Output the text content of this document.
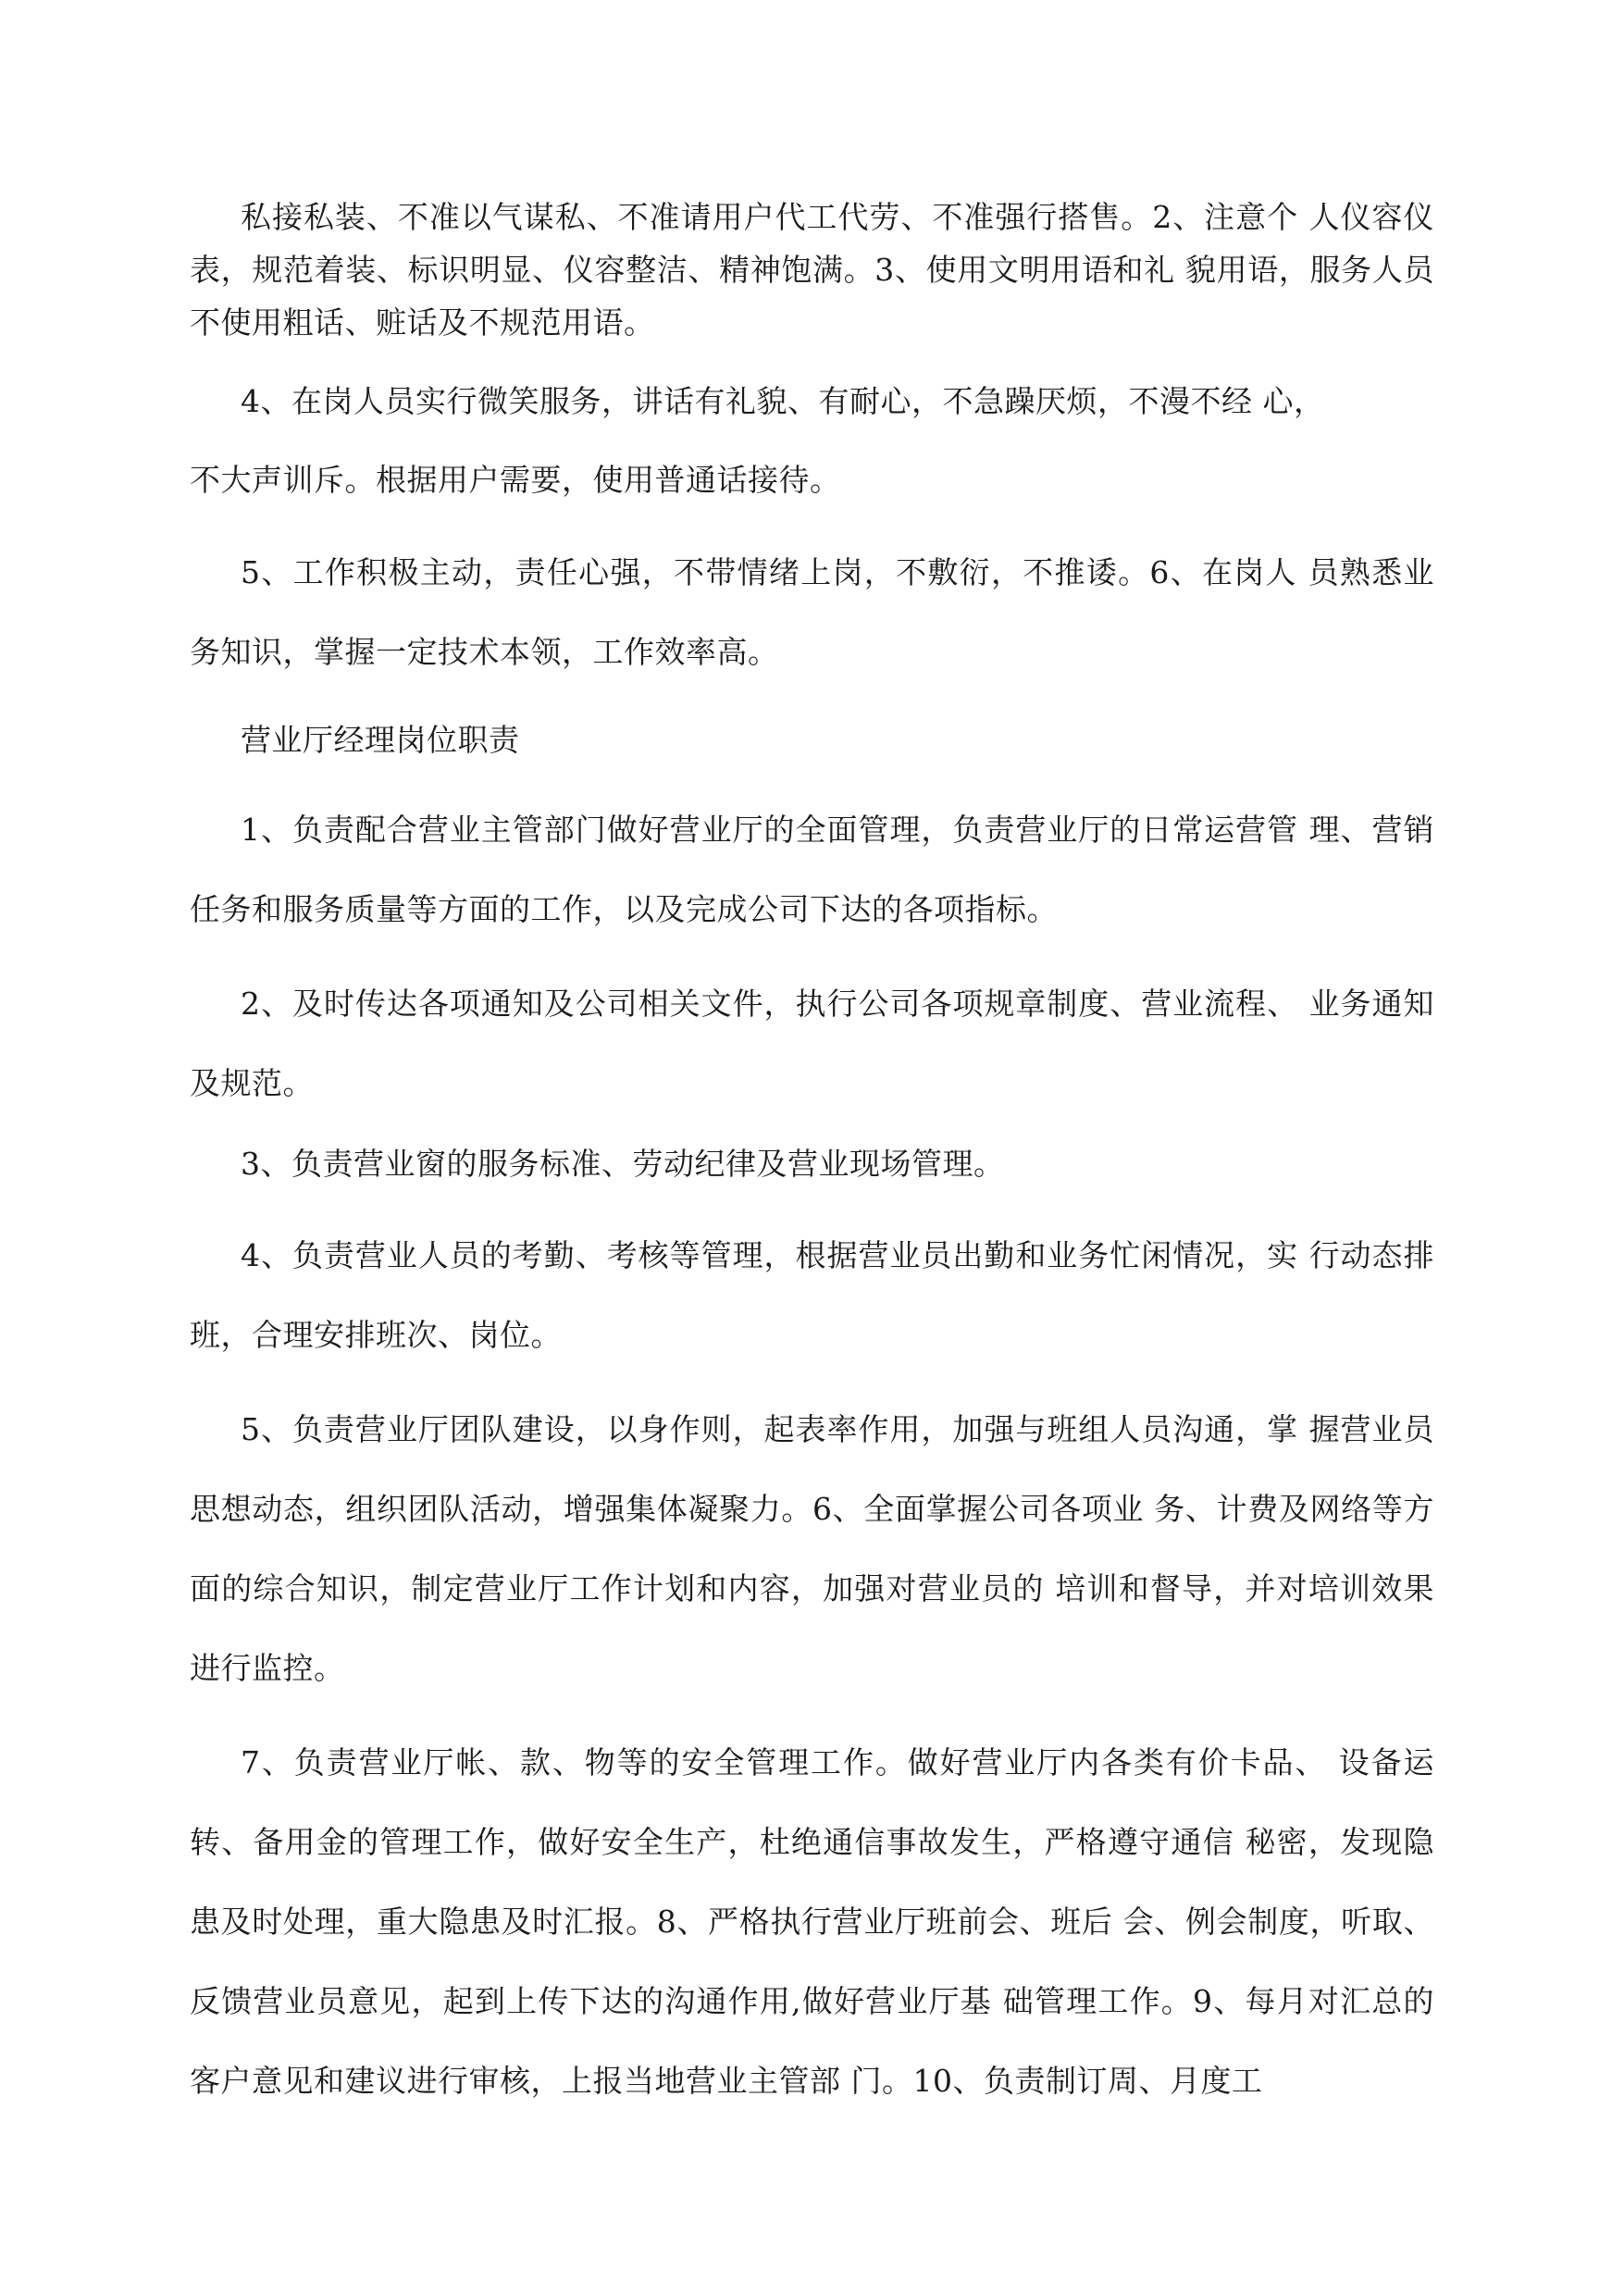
私接私装、不准以气谋私、不准请用户代工代劳、不准强行搭售。2、注意个 人仪容仪表，规范着装、标识明显、仪容整洁、精神饱满。3、使用文明用语和礼 貌用语，服务人员不使用粗话、赃话及不规范用语。

4、在岗人员实行微笑服务，讲话有礼貌、有耐心，不急躁厌烦，不漫不经 心，

不大声训斥。根据用户需要，使用普通话接待。

5、工作积极主动，责任心强，不带情绪上岗，不敷衍，不推诿。6、在岗人 员熟悉业务知识，掌握一定技术本领，工作效率高。

营业厅经理岗位职责

1、负责配合营业主管部门做好营业厅的全面管理，负责营业厅的日常运营管 理、营销任务和服务质量等方面的工作，以及完成公司下达的各项指标。

2、及时传达各项通知及公司相关文件，执行公司各项规章制度、营业流程、 业务通知及规范。

3、负责营业窗的服务标准、劳动纪律及营业现场管理。

4、负责营业人员的考勤、考核等管理，根据营业员出勤和业务忙闲情况，实 行动态排班，合理安排班次、岗位。

5、负责营业厅团队建设，以身作则，起表率作用，加强与班组人员沟通，掌 握营业员思想动态，组织团队活动，增强集体凝聚力。6、全面掌握公司各项业 务、计费及网络等方面的综合知识，制定营业厅工作计划和内容，加强对营业员的 培训和督导，并对培训效果进行监控。

7、负责营业厅帐、款、物等的安全管理工作。做好营业厅内各类有价卡品、 设备运转、备用金的管理工作，做好安全生产，杜绝通信事故发生，严格遵守通信 秘密，发现隐患及时处理，重大隐患及时汇报。8、严格执行营业厅班前会、班后 会、例会制度，听取、反馈营业员意见，起到上传下达的沟通作用,做好营业厅基 础管理工作。9、每月对汇总的客户意见和建议进行审核，上报当地营业主管部 门。10、负责制订周、月度工
